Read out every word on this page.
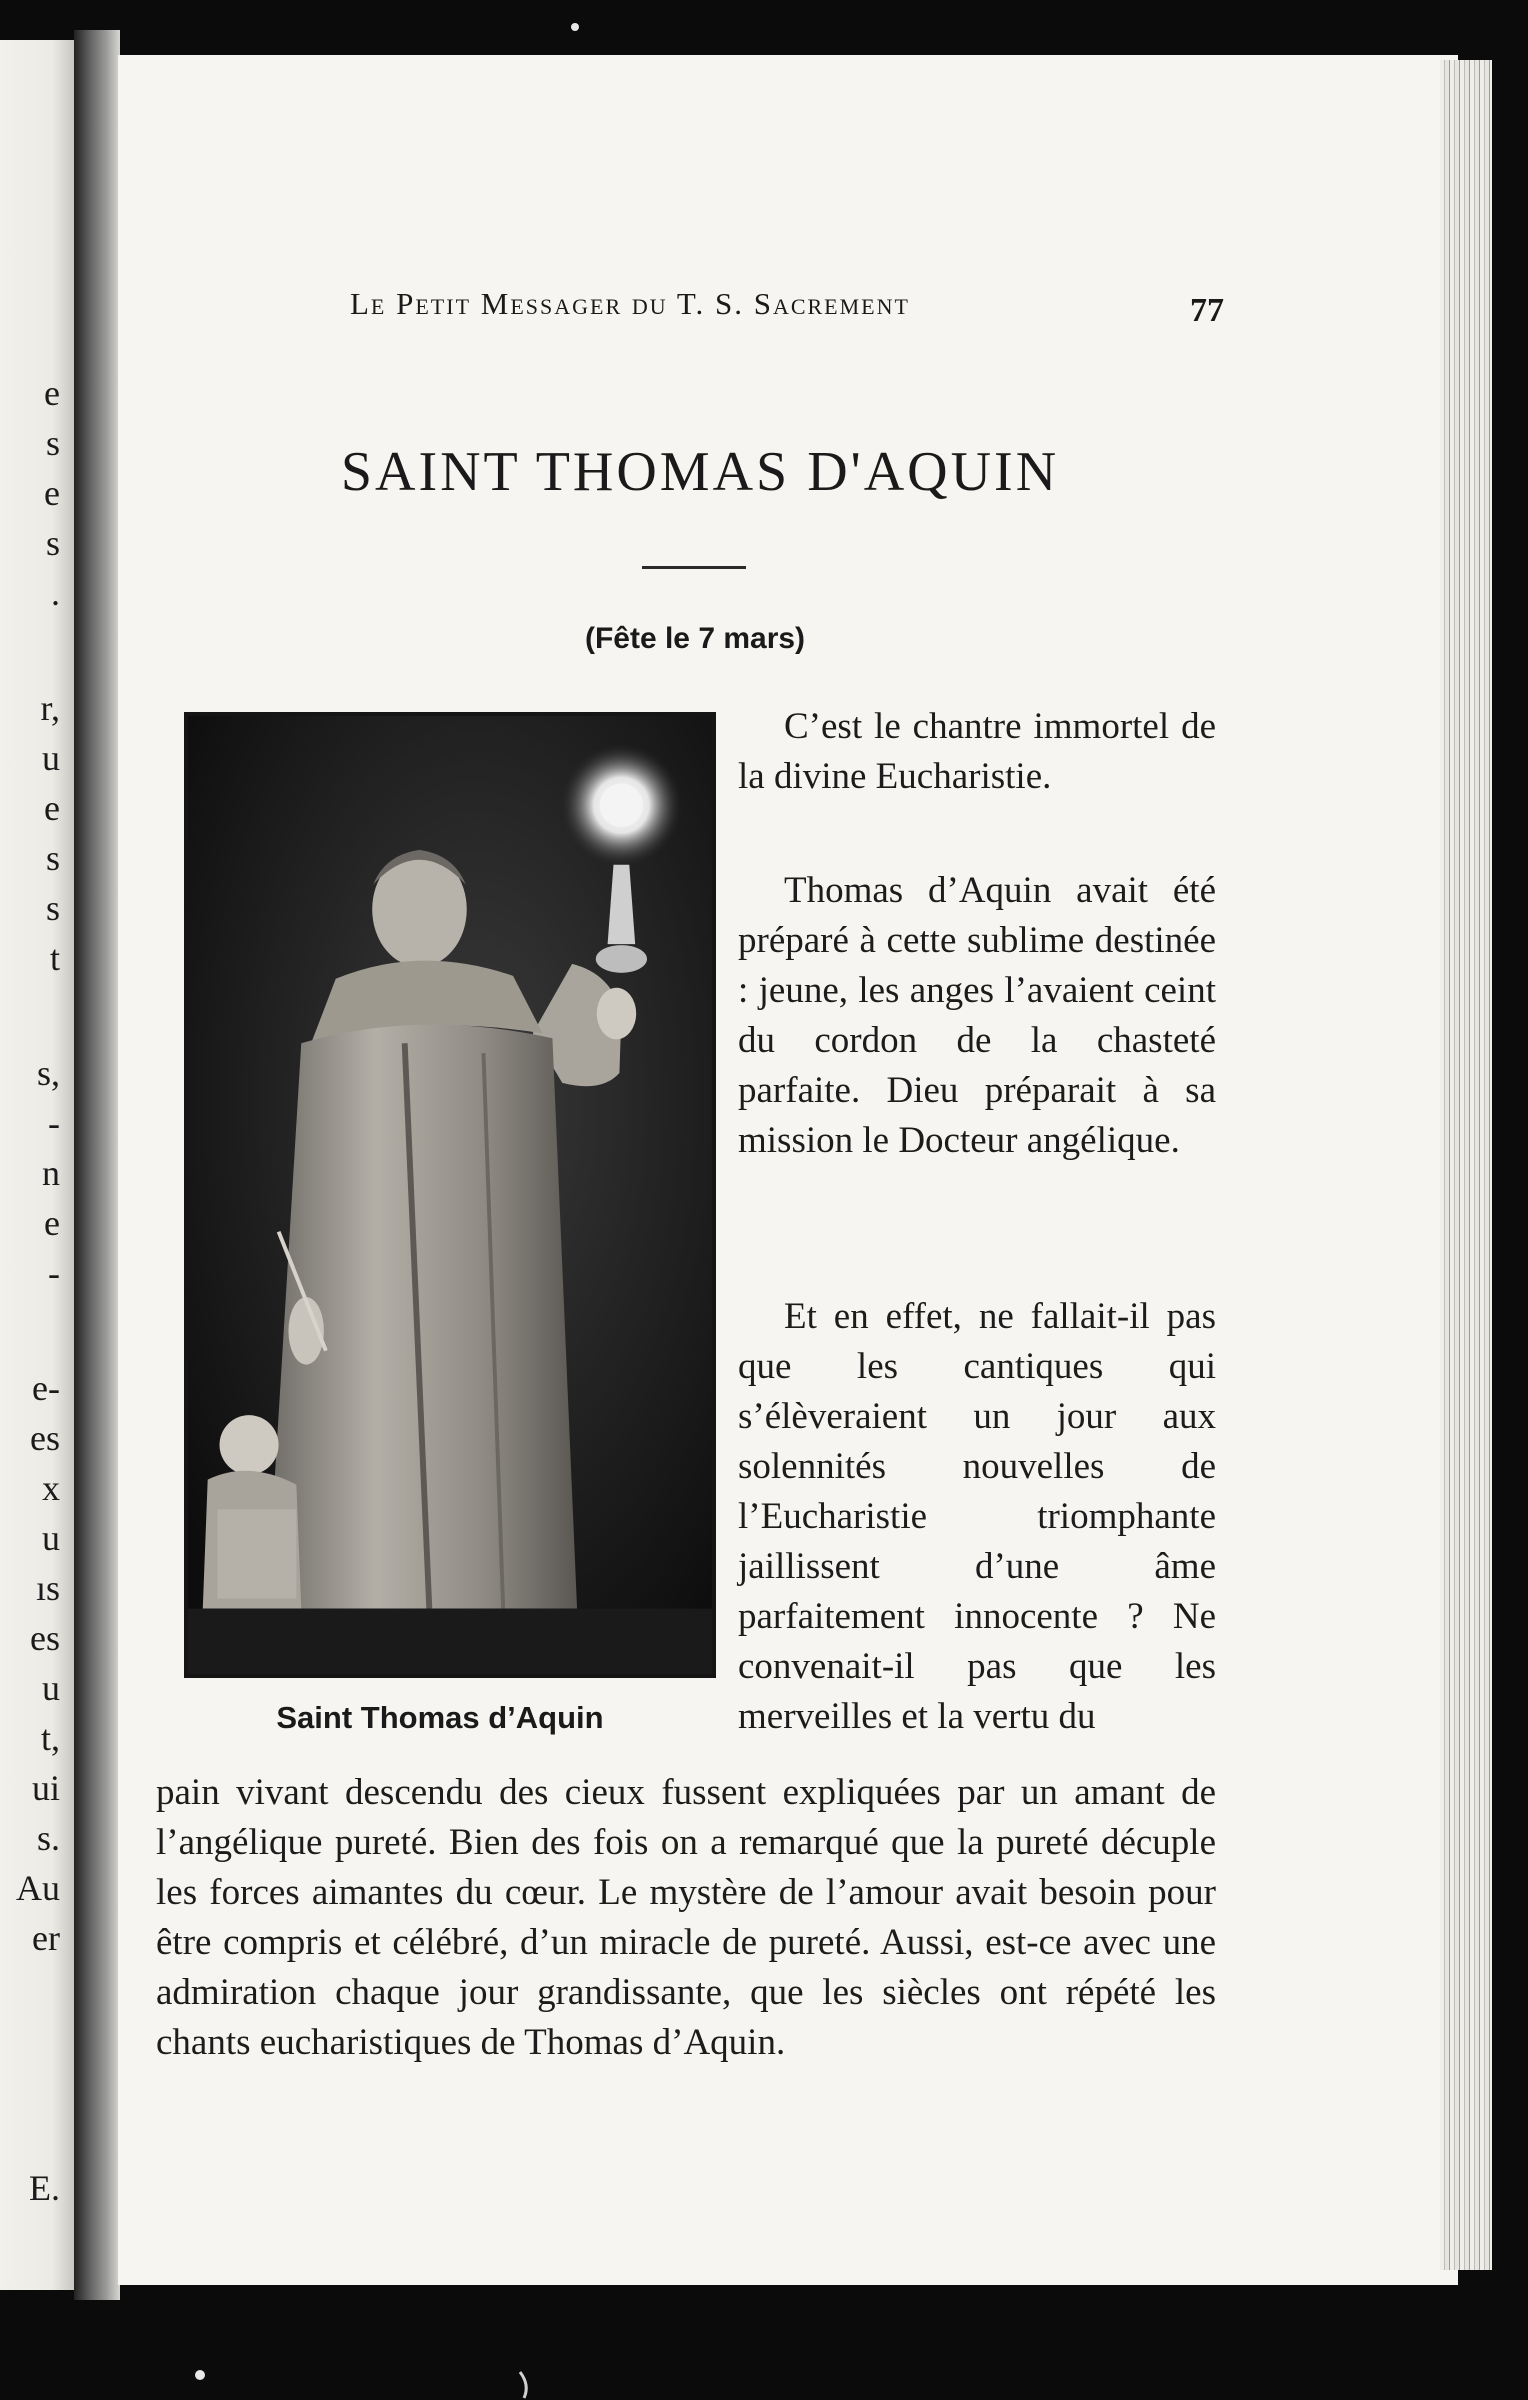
e
s
e
s
.
r,
u
e
s
s
t
s,
-
n
e
-
e-
es
x
u
ıs
es
u
t,
ui
s.
Au
er
E.
Le Petit Messager du T. S. Sacrement	77
SAINT THOMAS D'AQUIN
(Fête le 7 mars)
Saint Thomas d’Aquin

C’est le chantre immortel de la divine Eucharistie.

Thomas d’Aquin avait été préparé à cette sublime destinée : jeune, les anges l’avaient ceint du cordon de la chasteté parfaite. Dieu préparait à sa mission le Docteur angélique.

Et en effet, ne fallait-il pas que les cantiques qui s’élèveraient un jour aux solennités nouvelles de l’Eucharistie triomphante jaillissent d’une âme parfaitement innocente ? Ne convenait-il pas que les merveilles et la vertu du

pain vivant descendu des cieux fussent expliquées par un amant de l’angélique pureté. Bien des fois on a remarqué que la pureté décuple les forces aimantes du cœur. Le mystère de l’amour avait besoin pour être compris et célébré, d’un miracle de pureté. Aussi, est-ce avec une admiration chaque jour grandissante, que les siècles ont répété les chants eucharistiques de Thomas d’Aquin.
